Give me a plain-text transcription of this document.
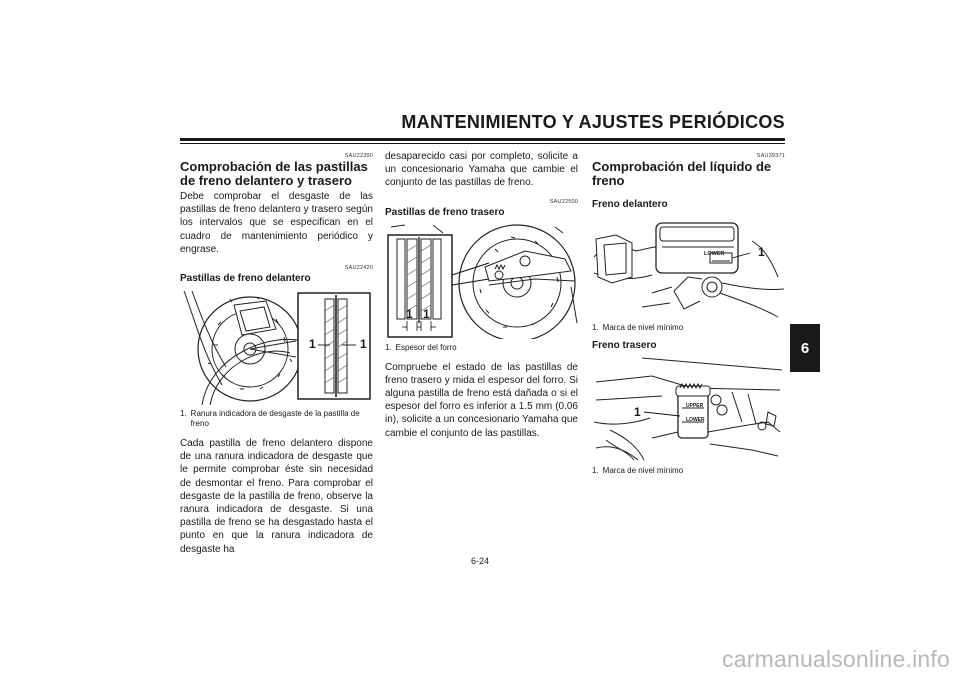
MANTENIMIENTO Y AJUSTES PERIÓDICOS
6
SAU22390
Comprobación de las pastillas de freno delantero y trasero
Debe comprobar el desgaste de las pastillas de freno delantero y trasero según los intervalos que se especifican en el cuadro de mantenimiento periódico y engrase.
SAU22420
Pastillas de freno delantero
1	1
1. Ranura indicadora de desgaste de la pastilla de freno
Cada pastilla de freno delantero dispone de una ranura indicadora de desgaste que le permite comprobar éste sin necesidad de desmontar el freno. Para comprobar el desgaste de la pastilla de freno, observe la ranura indicadora de desgaste. Si una pastilla de freno se ha desgastado hasta el punto en que la ranura indicadora de desgaste ha
desaparecido casi por completo, solicite a un concesionario Yamaha que cambie el conjunto de las pastillas de freno.
SAU22500
Pastillas de freno trasero
1 1
1. Espesor del forro
Compruebe el estado de las pastillas de freno trasero y mida el espesor del forro. Si alguna pastilla de freno está dañada o si el espesor del forro es inferior a 1.5 mm (0.06 in), solicite a un concesionario Yamaha que cambie el conjunto de las pastillas.
SAU39371
Comprobación del líquido de freno
Freno delantero
LOWER	1
1. Marca de nivel mínimo
Freno trasero
UPPER
LOWER
1
1. Marca de nivel mínimo
6-24
carmanualsonline.info
